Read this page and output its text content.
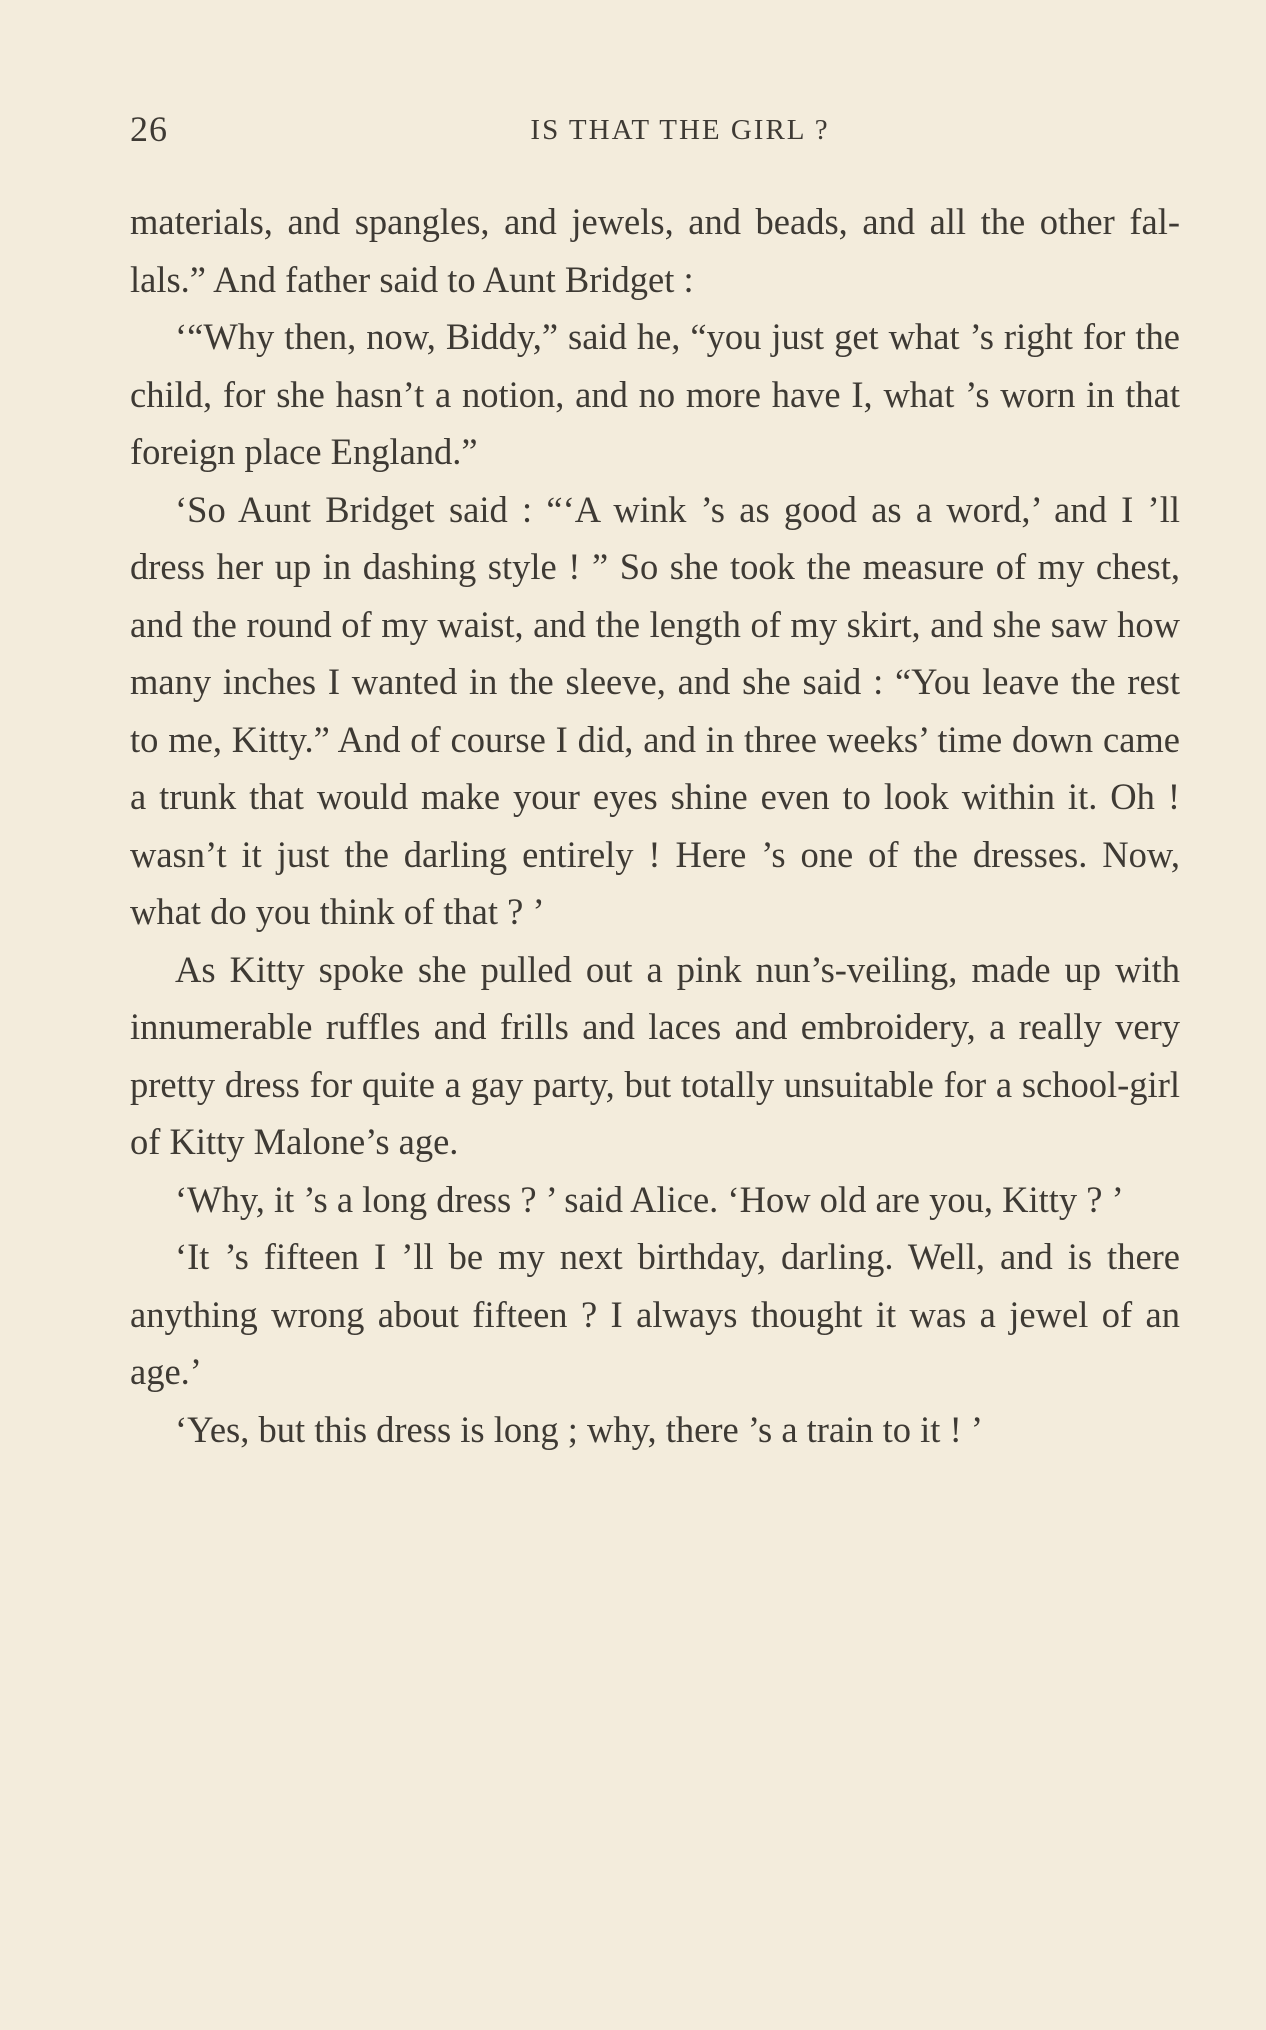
26	IS THAT THE GIRL ?

materials, and spangles, and jewels, and beads, and all the other fal-lals.” And father said to Aunt Bridget :

‘“Why then, now, Biddy,” said he, “you just get what ’s right for the child, for she hasn’t a notion, and no more have I, what ’s worn in that foreign place England.”

‘So Aunt Bridget said : “‘A wink ’s as good as a word,’ and I ’ll dress her up in dashing style ! ” So she took the measure of my chest, and the round of my waist, and the length of my skirt, and she saw how many inches I wanted in the sleeve, and she said : “You leave the rest to me, Kitty.” And of course I did, and in three weeks’ time down came a trunk that would make your eyes shine even to look within it. Oh ! wasn’t it just the darling entirely ! Here ’s one of the dresses. Now, what do you think of that ? ’

As Kitty spoke she pulled out a pink nun’s-veiling, made up with innumerable ruffles and frills and laces and embroidery, a really very pretty dress for quite a gay party, but totally unsuitable for a school-girl of Kitty Malone’s age.

‘Why, it ’s a long dress ? ’ said Alice. ‘How old are you, Kitty ? ’

‘It ’s fifteen I ’ll be my next birthday, darling. Well, and is there anything wrong about fifteen ? I always thought it was a jewel of an age.’

‘Yes, but this dress is long ; why, there ’s a train to it ! ’
